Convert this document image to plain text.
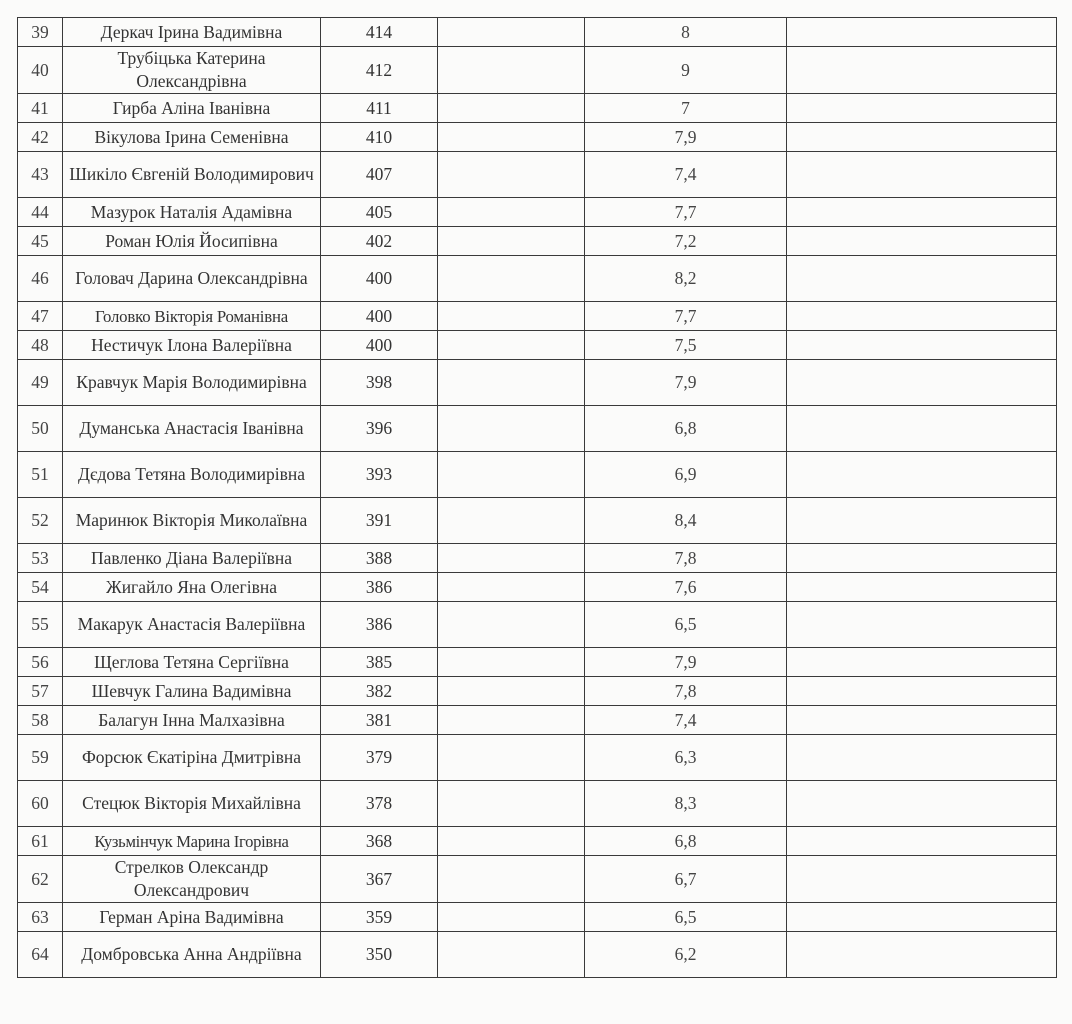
39	Деркач Ірина Вадимівна	414		8	
40	Трубіцька Катерина Олександрівна	412		9	
41	Гирба Аліна Іванівна	411		7	
42	Вікулова Ірина Семенівна	410		7,9	
43	Шикіло Євгеній Володимирович	407		7,4	
44	Мазурок Наталія Адамівна	405		7,7	
45	Роман Юлія Йосипівна	402		7,2	
46	Головач Дарина Олександрівна	400		8,2	
47	Головко Вікторія Романівна	400		7,7	
48	Нестичук Ілона Валеріївна	400		7,5	
49	Кравчук Марія Володимирівна	398		7,9	
50	Думанська Анастасія Іванівна	396		6,8	
51	Дєдова Тетяна Володимирівна	393		6,9	
52	Маринюк Вікторія Миколаївна	391		8,4	
53	Павленко Діана Валеріївна	388		7,8	
54	Жигайло Яна Олегівна	386		7,6	
55	Макарук Анастасія Валеріївна	386		6,5	
56	Щеглова Тетяна Сергіївна	385		7,9	
57	Шевчук Галина Вадимівна	382		7,8	
58	Балагун Інна Малхазівна	381		7,4	
59	Форсюк Єкатіріна Дмитрівна	379		6,3	
60	Стецюк Вікторія Михайлівна	378		8,3	
61	Кузьмінчук Марина Ігорівна	368		6,8	
62	Стрелков Олександр Олександрович	367		6,7	
63	Герман Аріна Вадимівна	359		6,5	
64	Домбровська Анна Андріївна	350		6,2	
